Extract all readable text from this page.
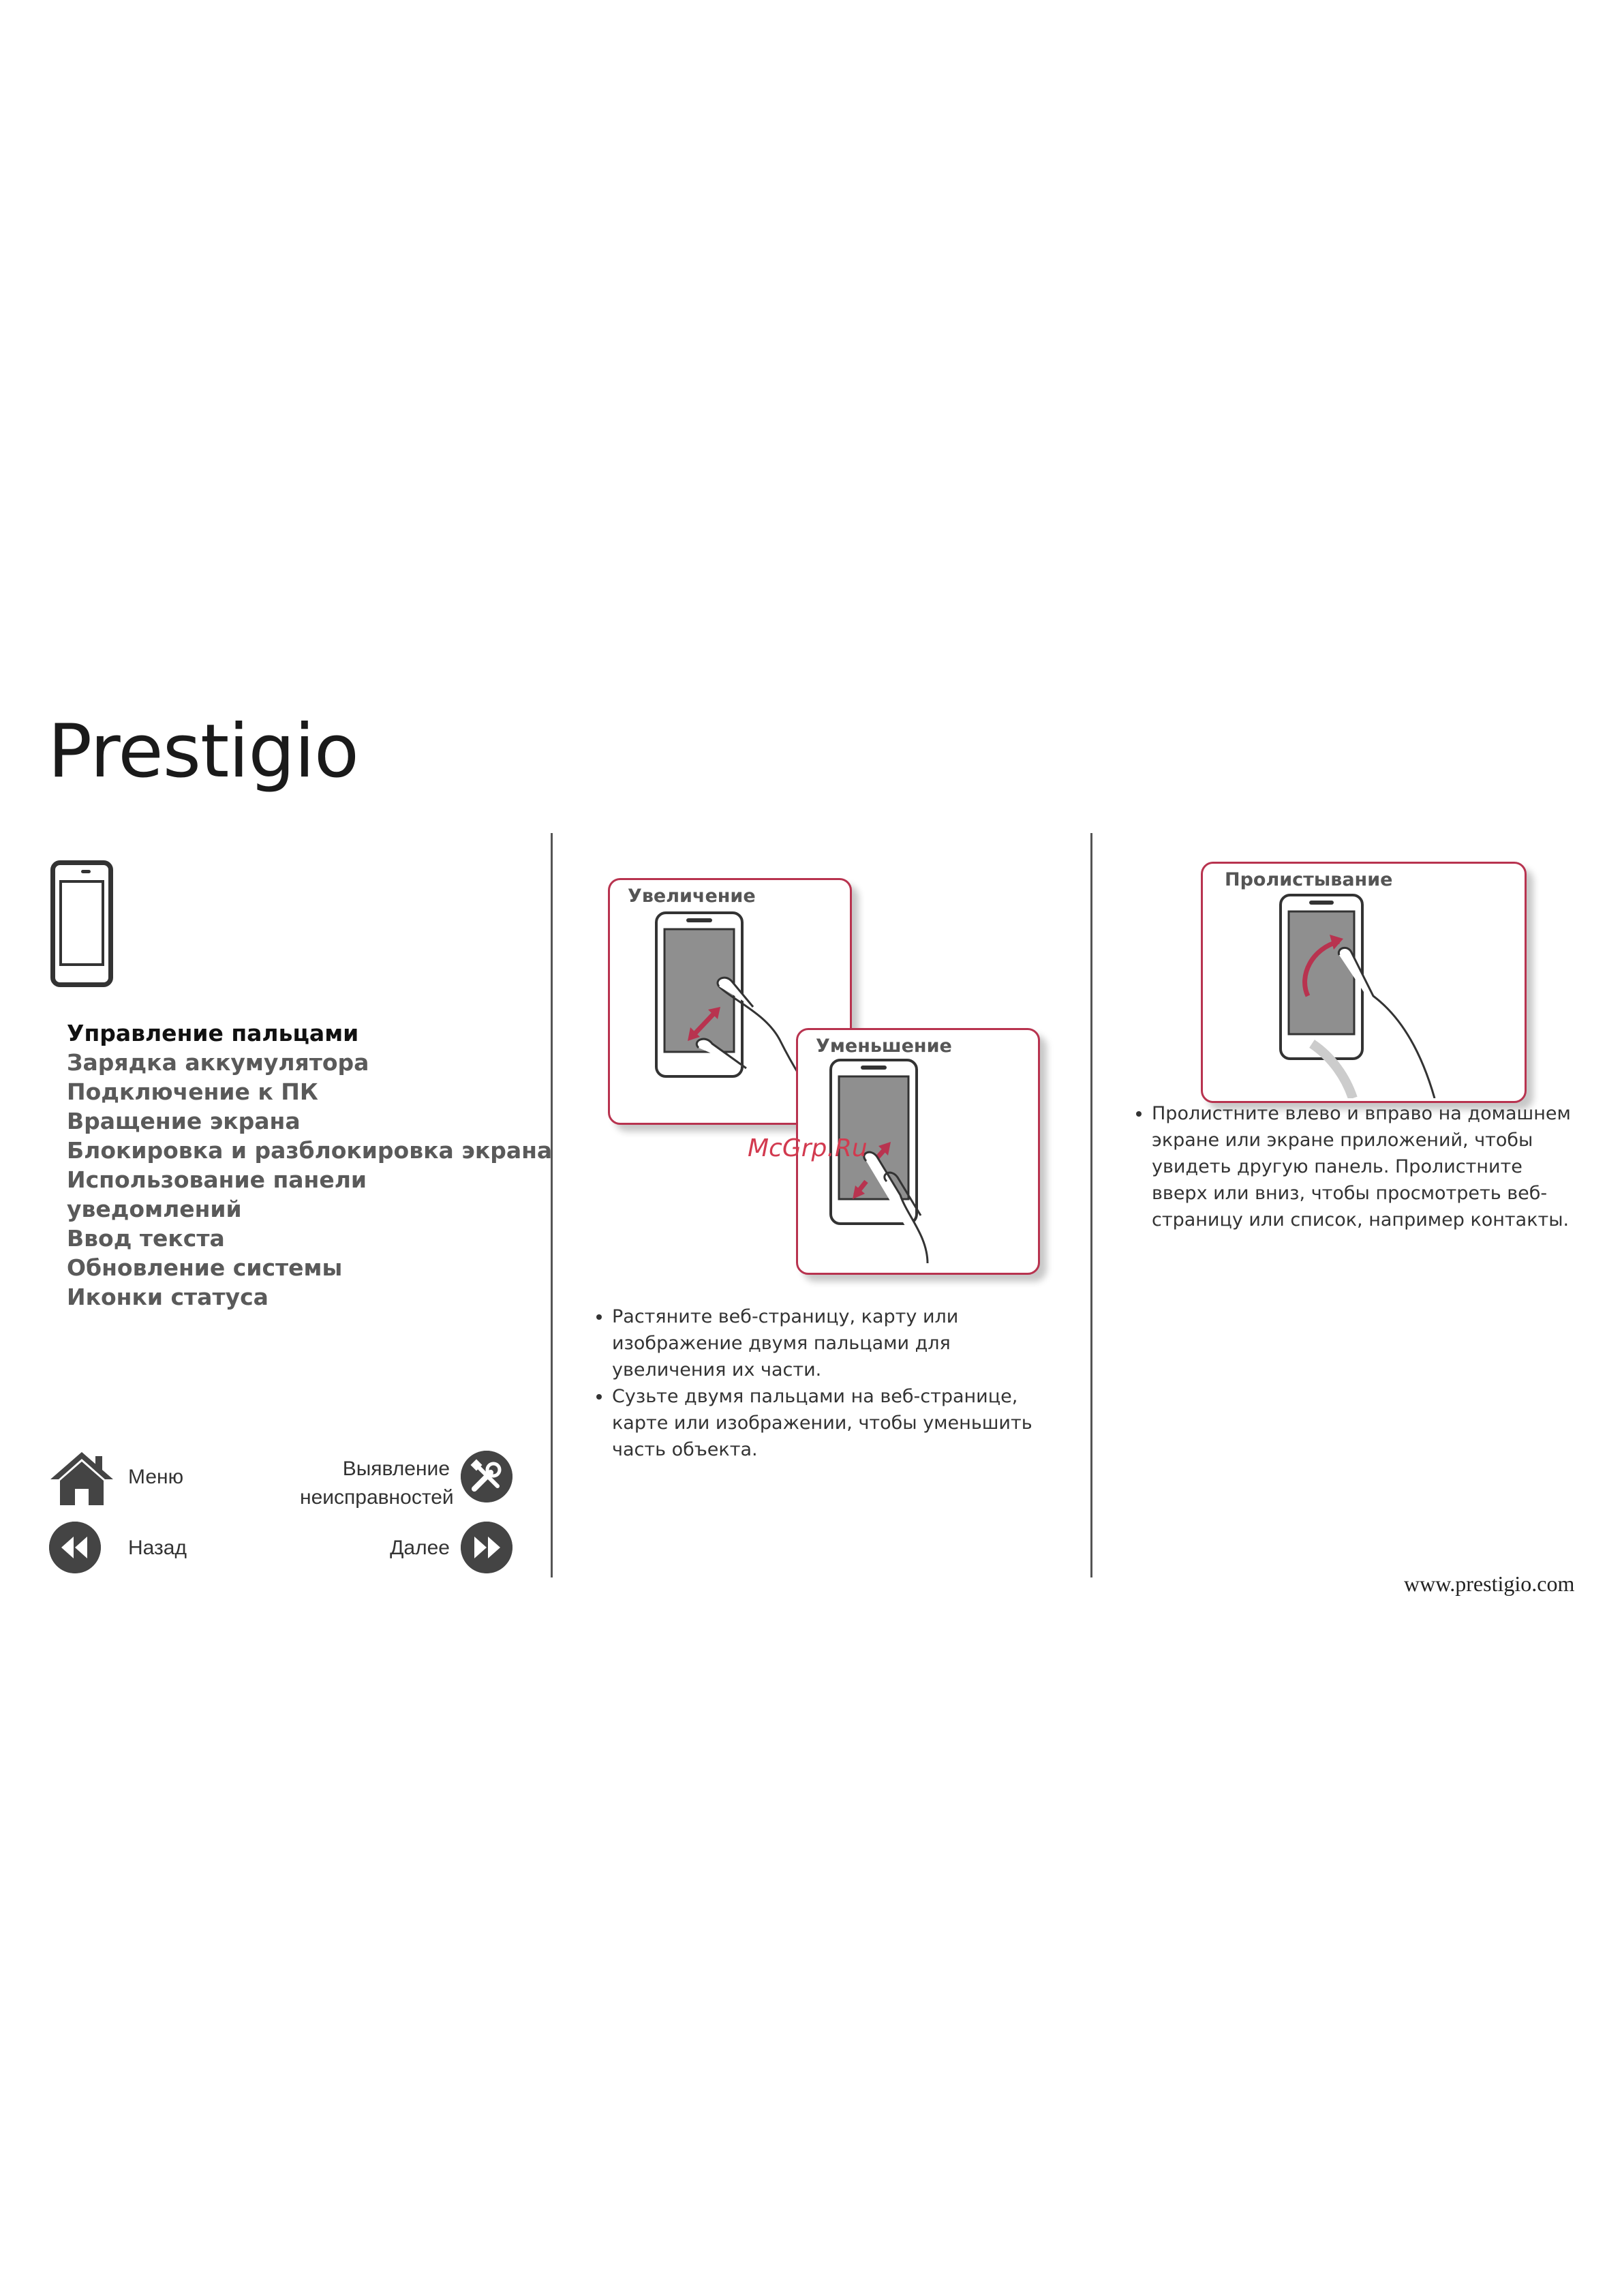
Prestigio
Управление пальцами
Зарядка аккумулятора
Подключение к ПК
Вращение экрана
Блокировка и разблокировка экрана
Использование панели
уведомлений
Ввод текста
Обновление системы
Иконки статуса
Меню	Выявление
неисправностей
Назад	Далее
Увеличение
Уменьшение
• Растяните веб-страницу, карту или изображение двумя пальцами для увеличения их части.
• Сузьте двумя пальцами на веб-странице, карте или изображении, чтобы уменьшить часть объекта.
Пролистывание
• Пролистните влево и вправо на домашнем экране или экране приложений, чтобы увидеть другую панель. Пролистните вверх или вниз, чтобы просмотреть веб-страницу или список, например контакты.
McGrp.Ru
www.prestigio.com
